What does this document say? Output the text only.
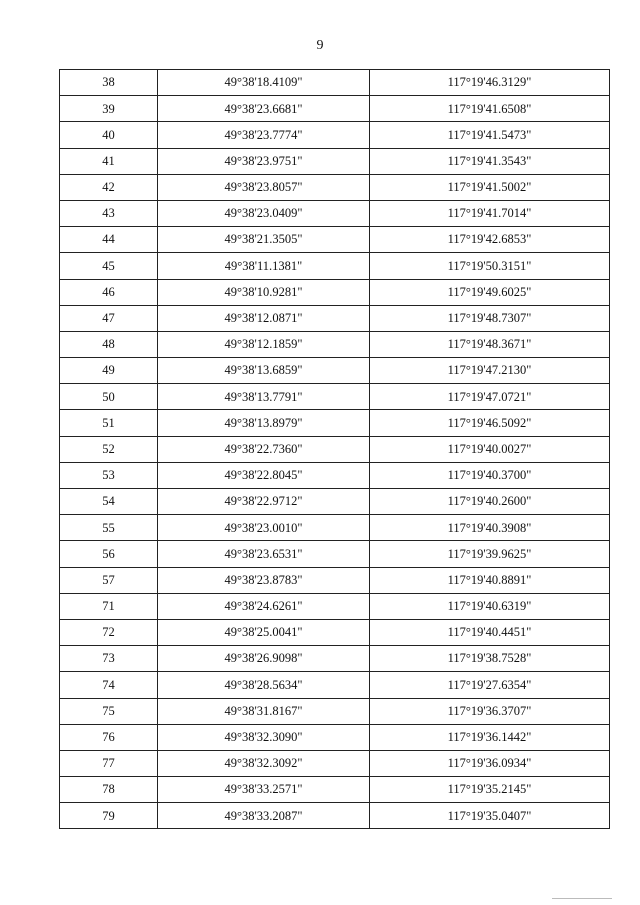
9
38	49°38'18.4109"	117°19'46.3129"
39	49°38'23.6681"	117°19'41.6508"
40	49°38'23.7774"	117°19'41.5473"
41	49°38'23.9751"	117°19'41.3543"
42	49°38'23.8057"	117°19'41.5002"
43	49°38'23.0409"	117°19'41.7014"
44	49°38'21.3505"	117°19'42.6853"
45	49°38'11.1381"	117°19'50.3151"
46	49°38'10.9281"	117°19'49.6025"
47	49°38'12.0871"	117°19'48.7307"
48	49°38'12.1859"	117°19'48.3671"
49	49°38'13.6859"	117°19'47.2130"
50	49°38'13.7791"	117°19'47.0721"
51	49°38'13.8979"	117°19'46.5092"
52	49°38'22.7360"	117°19'40.0027"
53	49°38'22.8045"	117°19'40.3700"
54	49°38'22.9712"	117°19'40.2600"
55	49°38'23.0010"	117°19'40.3908"
56	49°38'23.6531"	117°19'39.9625"
57	49°38'23.8783"	117°19'40.8891"
71	49°38'24.6261"	117°19'40.6319"
72	49°38'25.0041"	117°19'40.4451"
73	49°38'26.9098"	117°19'38.7528"
74	49°38'28.5634"	117°19'27.6354"
75	49°38'31.8167"	117°19'36.3707"
76	49°38'32.3090"	117°19'36.1442"
77	49°38'32.3092"	117°19'36.0934"
78	49°38'33.2571"	117°19'35.2145"
79	49°38'33.2087"	117°19'35.0407"
